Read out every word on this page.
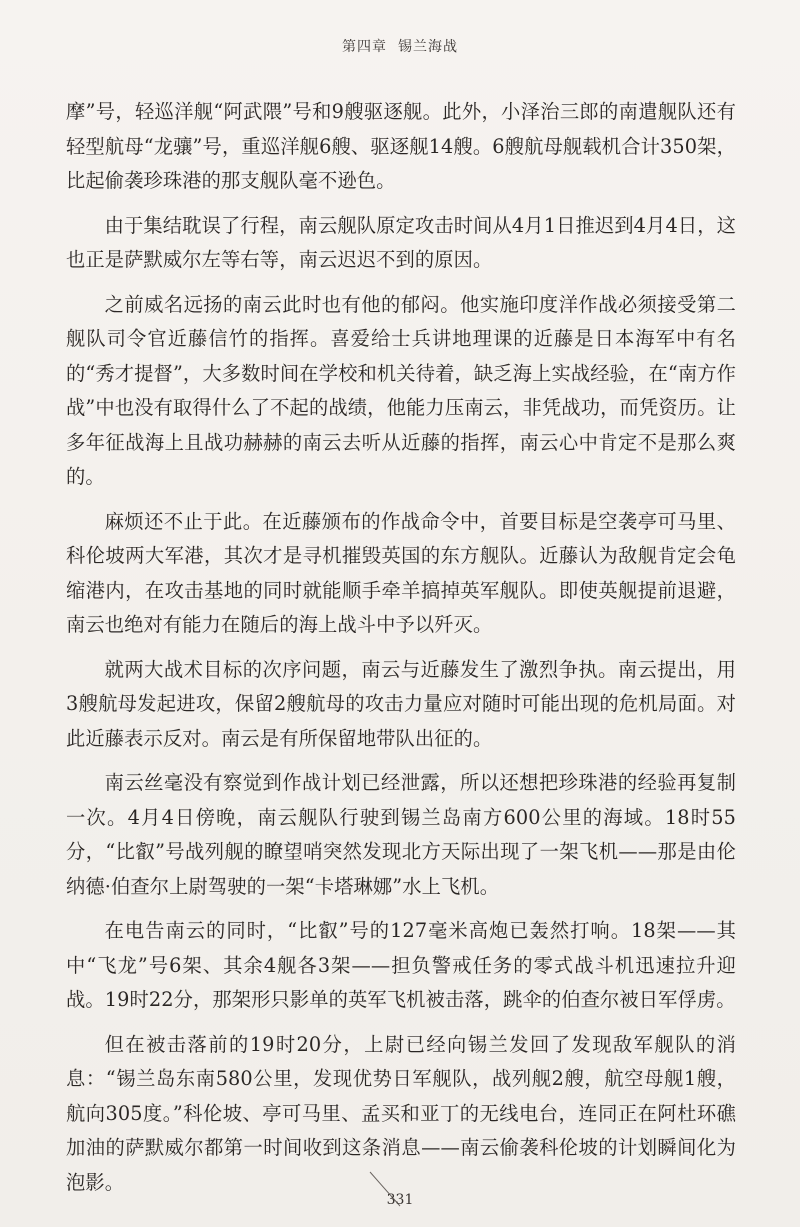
第四章 锡兰海战

摩”号，轻巡洋舰“阿武隈”号和9艘驱逐舰。此外，小泽治三郎的南遣舰队还有轻型航母“龙骧”号，重巡洋舰6艘、驱逐舰14艘。6艘航母舰载机合计350架，比起偷袭珍珠港的那支舰队毫不逊色。

由于集结耽误了行程，南云舰队原定攻击时间从4月1日推迟到4月4日，这也正是萨默威尔左等右等，南云迟迟不到的原因。

之前威名远扬的南云此时也有他的郁闷。他实施印度洋作战必须接受第二舰队司令官近藤信竹的指挥。喜爱给士兵讲地理课的近藤是日本海军中有名的“秀才提督”，大多数时间在学校和机关待着，缺乏海上实战经验，在“南方作战”中也没有取得什么了不起的战绩，他能力压南云，非凭战功，而凭资历。让多年征战海上且战功赫赫的南云去听从近藤的指挥，南云心中肯定不是那么爽的。

麻烦还不止于此。在近藤颁布的作战命令中，首要目标是空袭亭可马里、科伦坡两大军港，其次才是寻机摧毁英国的东方舰队。近藤认为敌舰肯定会龟缩港内，在攻击基地的同时就能顺手牵羊搞掉英军舰队。即使英舰提前退避，南云也绝对有能力在随后的海上战斗中予以歼灭。

就两大战术目标的次序问题，南云与近藤发生了激烈争执。南云提出，用3艘航母发起进攻，保留2艘航母的攻击力量应对随时可能出现的危机局面。对此近藤表示反对。南云是有所保留地带队出征的。

南云丝毫没有察觉到作战计划已经泄露，所以还想把珍珠港的经验再复制一次。4月4日傍晚，南云舰队行驶到锡兰岛南方600公里的海域。18时55分，“比叡”号战列舰的瞭望哨突然发现北方天际出现了一架飞机——那是由伦纳德·伯查尔上尉驾驶的一架“卡塔琳娜”水上飞机。

在电告南云的同时，“比叡”号的127毫米高炮已轰然打响。18架——其中“飞龙”号6架、其余4舰各3架——担负警戒任务的零式战斗机迅速拉升迎战。19时22分，那架形只影单的英军飞机被击落，跳伞的伯查尔被日军俘虏。

但在被击落前的19时20分，上尉已经向锡兰发回了发现敌军舰队的消息：“锡兰岛东南580公里，发现优势日军舰队，战列舰2艘，航空母舰1艘，航向305度。”科伦坡、亭可马里、孟买和亚丁的无线电台，连同正在阿杜环礁加油的萨默威尔都第一时间收到这条消息——南云偷袭科伦坡的计划瞬间化为泡影。

331
